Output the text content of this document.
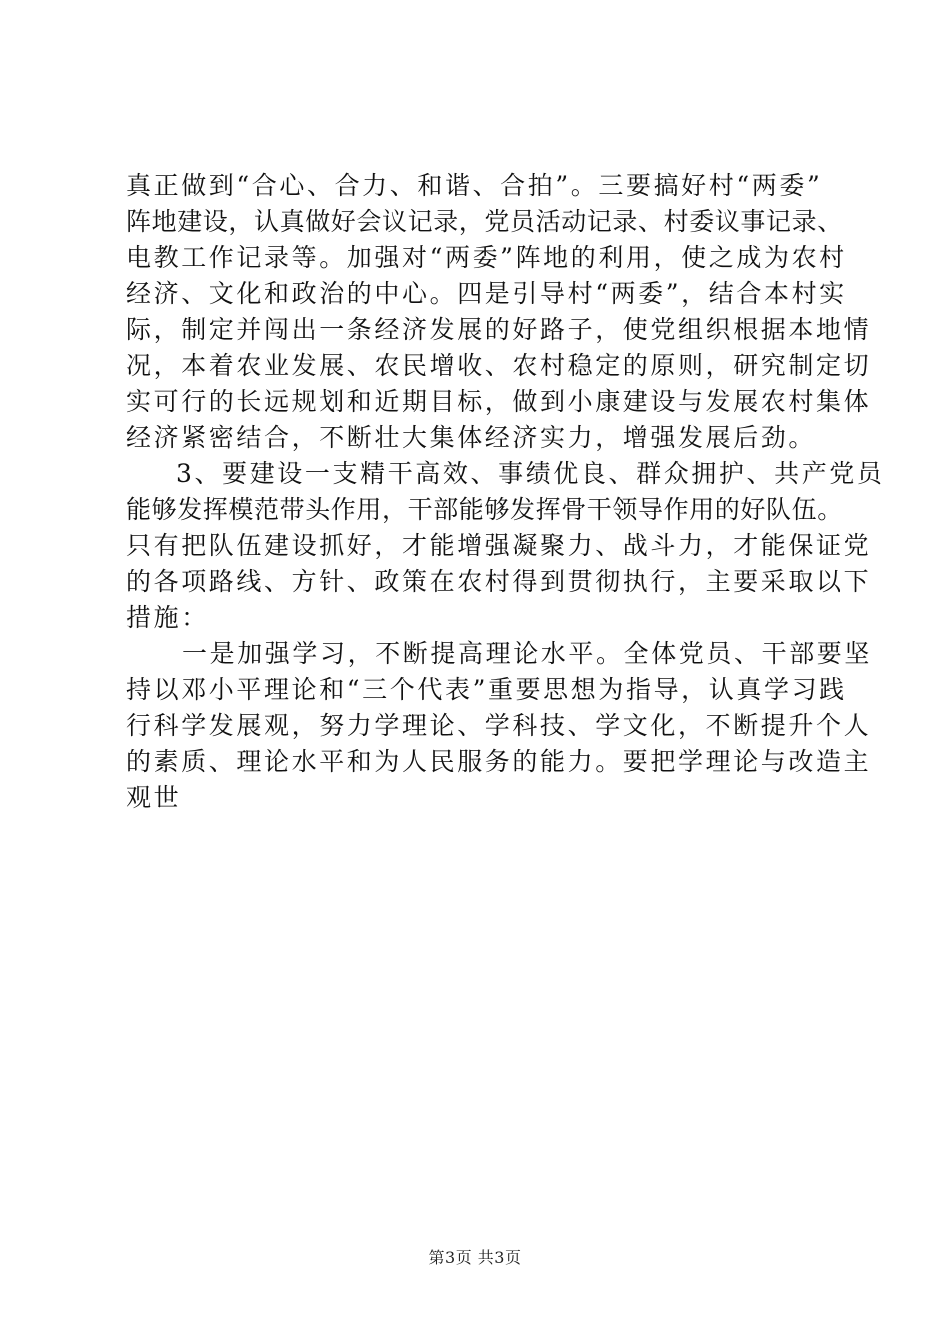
真正做到“合心、合力、和谐、合拍”。三要搞好村“两委”
阵地建设，认真做好会议记录，党员活动记录、村委议事记录、
电教工作记录等。加强对“两委”阵地的利用，使之成为农村
经济、文化和政治的中心。四是引导村“两委”，结合本村实
际，制定并闯出一条经济发展的好路子，使党组织根据本地情
况，本着农业发展、农民增收、农村稳定的原则，研究制定切
实可行的长远规划和近期目标，做到小康建设与发展农村集体
经济紧密结合，不断壮大集体经济实力，增强发展后劲。
3、要建设一支精干高效、事绩优良、群众拥护、共产党员
能够发挥模范带头作用，干部能够发挥骨干领导作用的好队伍。
只有把队伍建设抓好，才能增强凝聚力、战斗力，才能保证党
的各项路线、方针、政策在农村得到贯彻执行，主要采取以下
措施：
一是加强学习，不断提高理论水平。全体党员、干部要坚
持以邓小平理论和“三个代表”重要思想为指导，认真学习践
行科学发展观，努力学理论、学科技、学文化，不断提升个人
的素质、理论水平和为人民服务的能力。要把学理论与改造主
观世
第3页 共3页
